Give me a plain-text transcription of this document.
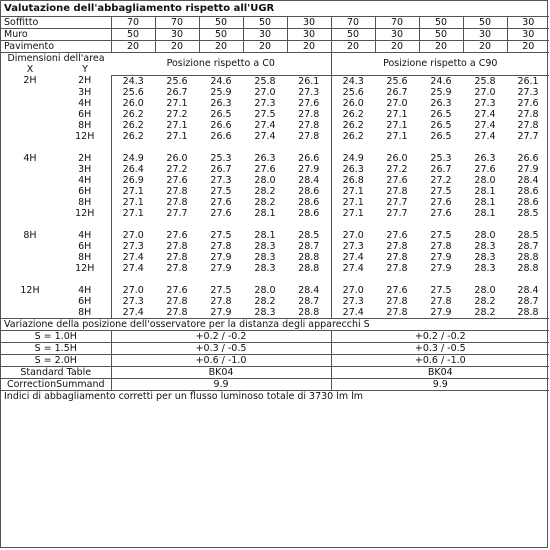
Valutazione dell'abbagliamento rispetto all'UGR											
Soffitto		70	70	50	50	30	70	70	50	50	30
Muro		50	30	50	30	30	50	30	50	30	30
Pavimento		20	20	20	20	20	20	20	20	20	20
Dimensioni dell'area		Posizione rispetto a C0					Posizione rispetto a C90				
X	Y										
2H	2H	24.3	25.6	24.6	25.8	26.1	24.3	25.6	24.6	25.8	26.1
	3H	25.6	26.7	25.9	27.0	27.3	25.6	26.7	25.9	27.0	27.3
	4H	26.0	27.1	26.3	27.3	27.6	26.0	27.0	26.3	27.3	27.6
	6H	26.2	27.2	26.5	27.5	27.8	26.2	27.1	26.5	27.4	27.8
	8H	26.2	27.1	26.6	27.4	27.8	26.2	27.1	26.5	27.4	27.8
	12H	26.2	27.1	26.6	27.4	27.8	26.2	27.1	26.5	27.4	27.7

4H	2H	24.9	26.0	25.3	26.3	26.6	24.9	26.0	25.3	26.3	26.6
	3H	26.4	27.2	26.7	27.6	27.9	26.3	27.2	26.7	27.6	27.9
	4H	26.9	27.6	27.3	28.0	28.4	26.8	27.6	27.2	28.0	28.4
	6H	27.1	27.8	27.5	28.2	28.6	27.1	27.8	27.5	28.1	28.6
	8H	27.1	27.8	27.6	28.2	28.6	27.1	27.7	27.6	28.1	28.6
	12H	27.1	27.7	27.6	28.1	28.6	27.1	27.7	27.6	28.1	28.5

8H	4H	27.0	27.6	27.5	28.1	28.5	27.0	27.6	27.5	28.0	28.5
	6H	27.3	27.8	27.8	28.3	28.7	27.3	27.8	27.8	28.3	28.7
	8H	27.4	27.8	27.9	28.3	28.8	27.4	27.8	27.9	28.3	28.8
	12H	27.4	27.8	27.9	28.3	28.8	27.4	27.8	27.9	28.3	28.8

12H	4H	27.0	27.6	27.5	28.0	28.4	27.0	27.6	27.5	28.0	28.4
	6H	27.3	27.8	27.8	28.2	28.7	27.3	27.8	27.8	28.2	28.7
	8H	27.4	27.8	27.9	28.3	28.8	27.4	27.8	27.9	28.2	28.8
Variazione della posizione dell'osservatore per la distanza degli apparecchi S											
S = 1.0H		+0.2 / -0.2					+0.2 / -0.2				
S = 1.5H		+0.3 / -0.5					+0.3 / -0.5				
S = 2.0H		+0.6 / -1.0					+0.6 / -1.0				
Standard Table		BK04					BK04				
CorrectionSummand		9.9					9.9				
Indici di abbagliamento corretti per un flusso luminoso totale di 3730 lm lm											
